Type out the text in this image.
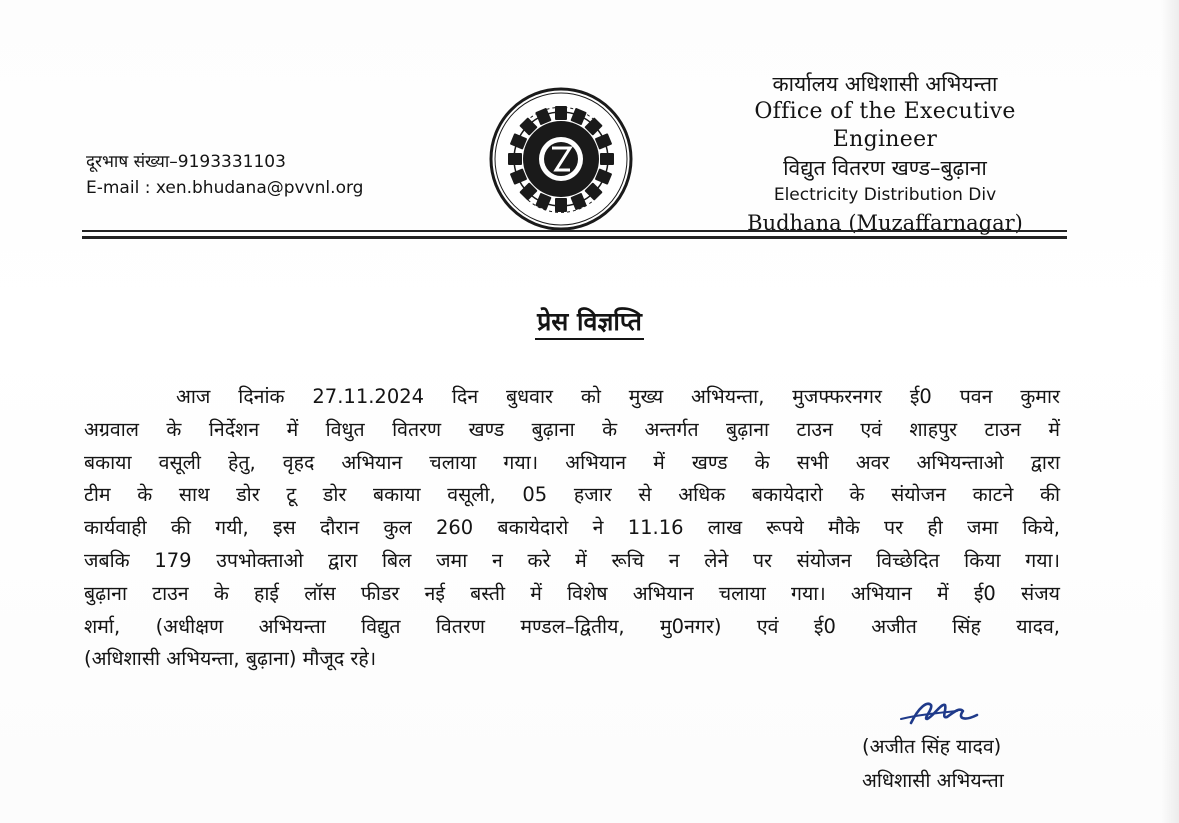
दूरभाष संख्या–9193331103
E-mail : xen.bhudana@pvvnl.org
कार्यालय अधिशासी अभियन्ता
Office of the Executive Engineer
विद्युत वितरण खण्ड–बुढ़ाना
Electricity Distribution Div
Budhana (Muzaffarnagar)
प्रेस विज्ञप्ति
आज दिनांक 27.11.2024 दिन बुधवार को मुख्य अभियन्ता, मुजफ्फरनगर ई0 पवन कुमार
अग्रवाल के निर्देशन में विधुत वितरण खण्ड बुढ़ाना के अन्तर्गत बुढ़ाना टाउन एवं शाहपुर टाउन में
बकाया वसूली हेतु, वृहद अभियान चलाया गया। अभियान में खण्ड के सभी अवर अभियन्ताओ द्वारा
टीम के साथ डोर टू डोर बकाया वसूली, 05 हजार से अधिक बकायेदारो के संयोजन काटने की
कार्यवाही की गयी, इस दौरान कुल 260 बकायेदारो ने 11.16 लाख रूपये मौके पर ही जमा किये,
जबकि 179 उपभोक्ताओ द्वारा बिल जमा न करे में रूचि न लेने पर संयोजन विच्छेदित किया गया।
बुढ़ाना टाउन के हाई लॉस फीडर नई बस्ती में विशेष अभियान चलाया गया। अभियान में ई0 संजय
शर्मा, (अधीक्षण अभियन्ता विद्युत वितरण मण्डल–द्वितीय, मु0नगर) एवं ई0 अजीत सिंह यादव,
(अधिशासी अभियन्ता, बुढ़ाना) मौजूद रहे।
(अजीत सिंह यादव)
अधिशासी अभियन्ता
